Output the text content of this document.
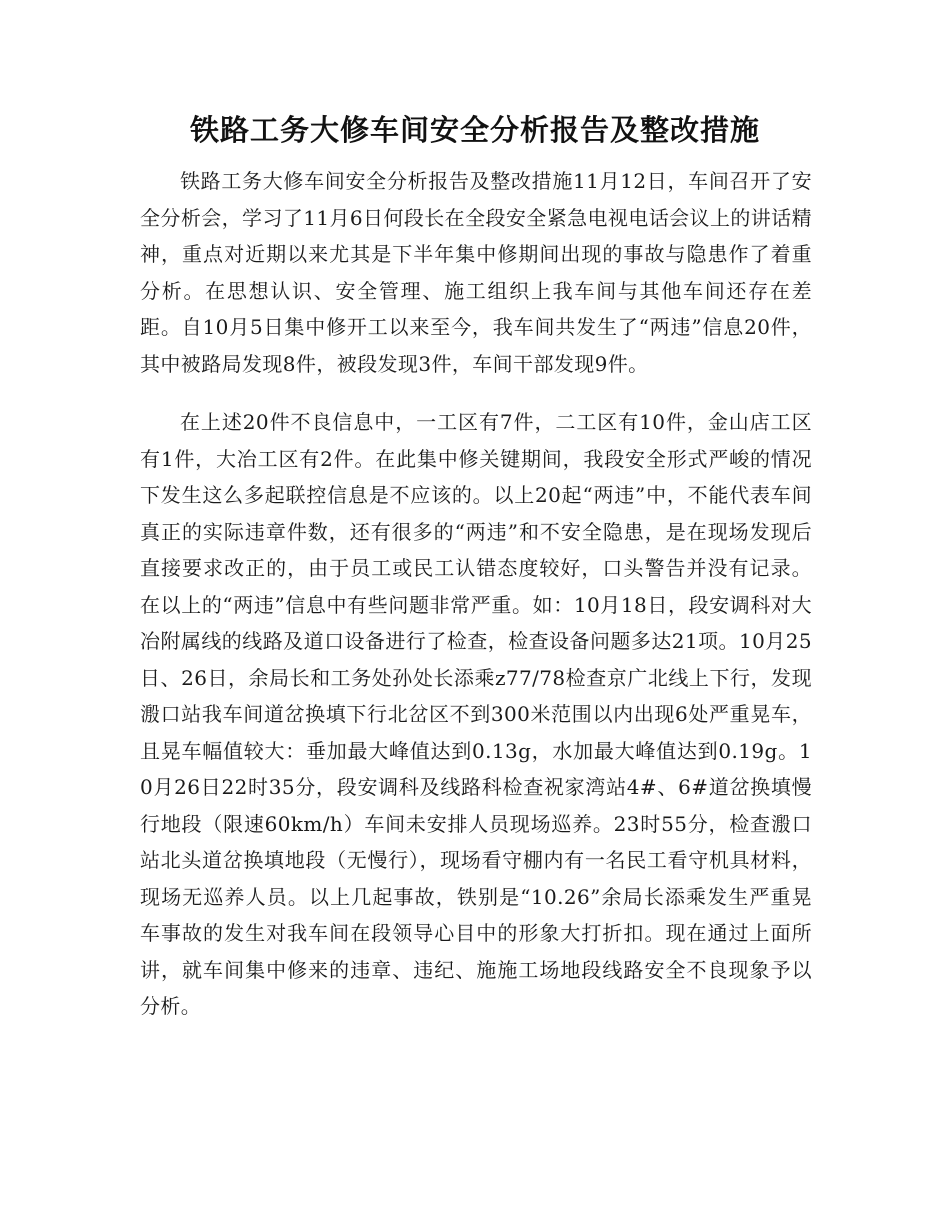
铁路工务大修车间安全分析报告及整改措施

铁路工务大修车间安全分析报告及整改措施11月12日，车间召开了安全分析会，学习了11月6日何段长在全段安全紧急电视电话会议上的讲话精神，重点对近期以来尤其是下半年集中修期间出现的事故与隐患作了着重分析。在思想认识、安全管理、施工组织上我车间与其他车间还存在差距。自10月5日集中修开工以来至今，我车间共发生了“两违”信息20件，其中被路局发现8件，被段发现3件，车间干部发现9件。

在上述20件不良信息中，一工区有7件，二工区有10件，金山店工区有1件，大冶工区有2件。在此集中修关键期间，我段安全形式严峻的情况下发生这么多起联控信息是不应该的。以上20起“两违”中，不能代表车间真正的实际违章件数，还有很多的“两违”和不安全隐患，是在现场发现后直接要求改正的，由于员工或民工认错态度较好，口头警告并没有记录。在以上的“两违”信息中有些问题非常严重。如：10月18日，段安调科对大冶附属线的线路及道口设备进行了检查，检查设备问题多达21项。10月25日、26日，余局长和工务处孙处长添乘z77/78检查京广北线上下行，发现溵口站我车间道岔换填下行北岔区不到300米范围以内出现6处严重晃车，且晃车幅值较大：垂加最大峰值达到0.13g，水加最大峰值达到0.19g。10月26日22时35分，段安调科及线路科检查祝家湾站4#、6#道岔换填慢行地段（限速60km/h）车间未安排人员现场巡养。23时55分，检查溵口站北头道岔换填地段（无慢行），现场看守棚内有一名民工看守机具材料，现场无巡养人员。以上几起事故，铁别是“10.26”余局长添乘发生严重晃车事故的发生对我车间在段领导心目中的形象大打折扣。现在通过上面所讲，就车间集中修来的违章、违纪、施施工场地段线路安全不良现象予以分析。
